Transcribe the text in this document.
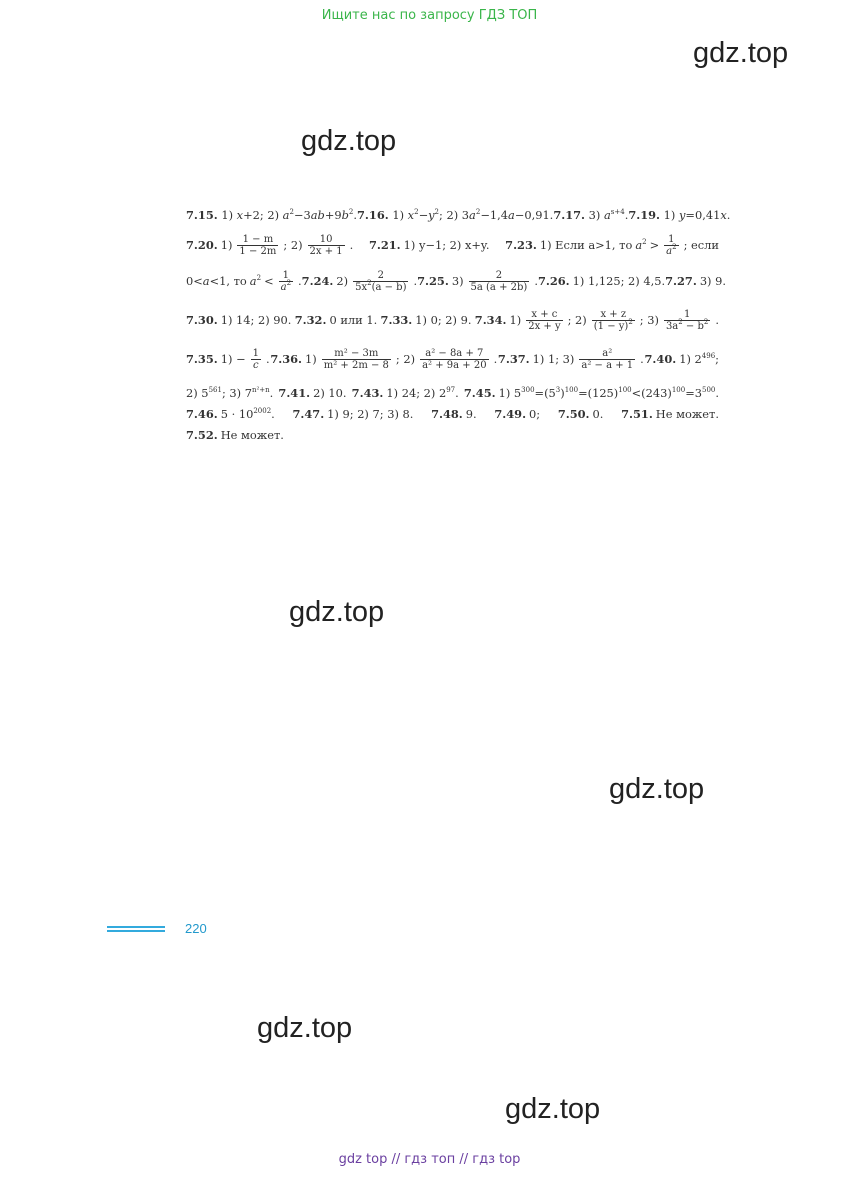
Ищите нас по запросу ГДЗ ТОП
gdz.top
gdz.top
gdz.top
gdz.top
gdz.top
gdz.top
7.15. 1) x+2; 2) $a^2-3ab+9b^2$. 7.16. 1) $x^2-y^2$; 2) $3a^2-1,4a-0,91$. 7.17. 3) $a^{s+4}$. 7.19. 1) y=0,41x.
7.20. $1) \frac{1 - m}{1 - 2m}$ ; $2) \frac{10}{2x + 1}$ . 7.21. 1) y−1; 2) x+y. 7.23. 1) Если a>1, то $a^2 > \frac{1}{a^2}$ ; если
0<a<1, то $a^2 < \frac{1}{a^2}$ . 7.24. $2) \frac{2}{5x^2(a - b)}$ . 7.25. $3) \frac{2}{5a (a + 2b)}$ . 7.26. 1) 1,125; 2) 4,5. 7.27. 3) 9.
7.30. 1) 14; 2) 90. 7.32. 0 или 1. 7.33. 1) 0; 2) 9. 7.34. $1) \frac{x + c}{2x + y}$ ; $2) \frac{x + z}{(1 - y)^2}$ ; $3) \frac{1}{3a^2 - b^2}$ .
7.35. $1) - \frac{1}{c}$ . 7.36. $1) \frac{\text{m² − 3m}}{\text{m² + 2m − 8}}$ ; $2) \frac{\text{a² − 8a + 7}}{\text{a² + 9a + 20}}$ . 7.37. 1) 1; $3) \frac{\text{a²}}{\text{a² − a + 1}}$ . 7.40. 1) $2^{496}$;
2) $5^{561}$; 3) $7^{n^2+n}$. 7.41. 2) 10. 7.43. 1) 24; 2) $2^{97}$. 7.45. 1) $5^{300}=(5^3)^{100}=(125)^{100}<(243)^{100}=3^{500}$.
7.46. $5 \cdot 10^{2002}$. 7.47. 1) 9; 2) 7; 3) 8. 7.48. 9. 7.49. 0; 7.50. 0. 7.51. Не может.
7.52. Не может.
220
gdz top // гдз топ // гдз top
